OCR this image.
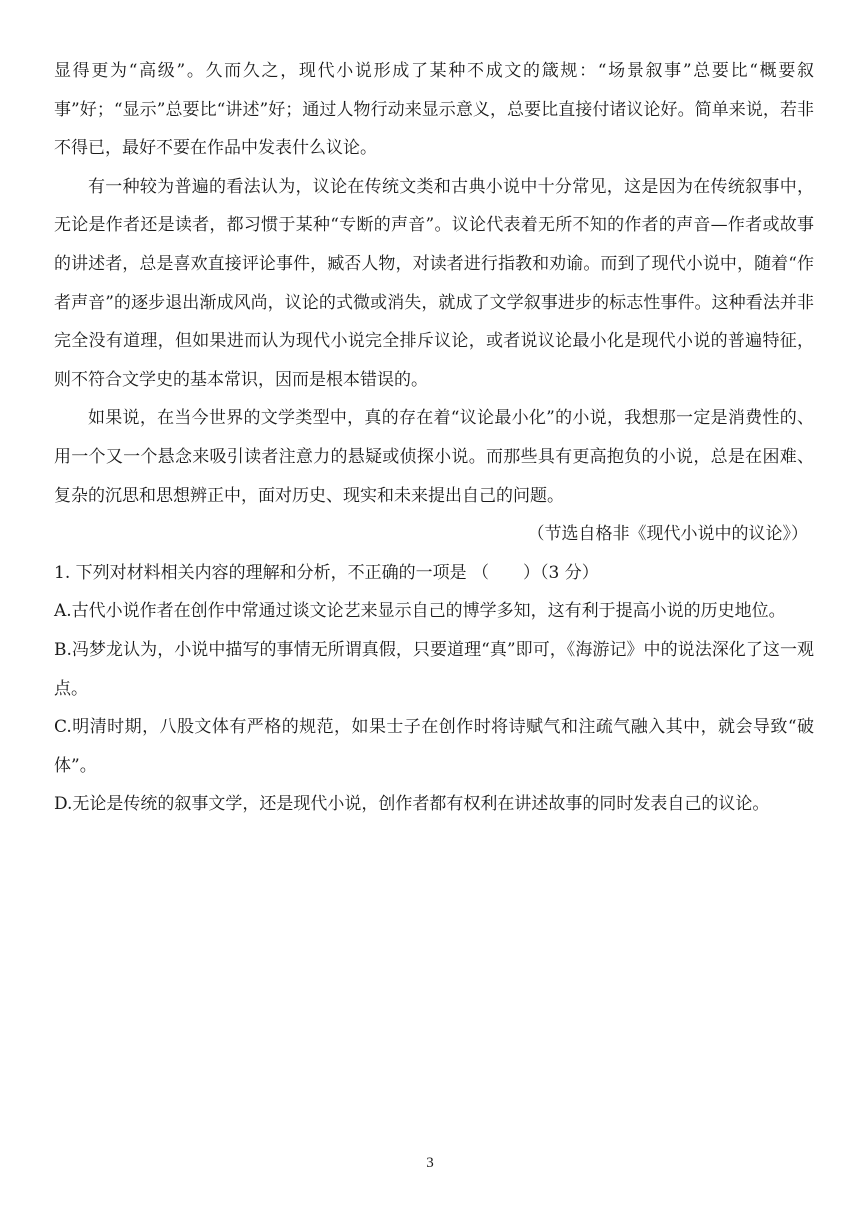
显得更为“高级”。久而久之，现代小说形成了某种不成文的箴规：“场景叙事”总要比“概要叙事”好；“显示”总要比“讲述”好；通过人物行动来显示意义，总要比直接付诸议论好。简单来说，若非不得已，最好不要在作品中发表什么议论。

有一种较为普遍的看法认为，议论在传统文类和古典小说中十分常见，这是因为在传统叙事中，无论是作者还是读者，都习惯于某种“专断的声音”。议论代表着无所不知的作者的声音—作者或故事的讲述者，总是喜欢直接评论事件，臧否人物，对读者进行指教和劝谕。而到了现代小说中，随着“作者声音”的逐步退出渐成风尚，议论的式微或消失，就成了文学叙事进步的标志性事件。这种看法并非完全没有道理，但如果进而认为现代小说完全排斥议论，或者说议论最小化是现代小说的普遍特征，则不符合文学史的基本常识，因而是根本错误的。

如果说，在当今世界的文学类型中，真的存在着“议论最小化”的小说，我想那一定是消费性的、用一个又一个悬念来吸引读者注意力的悬疑或侦探小说。而那些具有更高抱负的小说，总是在困难、复杂的沉思和思想辨正中，面对历史、现实和未来提出自己的问题。

（节选自格非《现代小说中的议论》）

1. 下列对材料相关内容的理解和分析，不正确的一项是 （　　）（3 分）

A.古代小说作者在创作中常通过谈文论艺来显示自己的博学多知，这有利于提高小说的历史地位。

B.冯梦龙认为，小说中描写的事情无所谓真假，只要道理“真”即可，《海游记》中的说法深化了这一观点。

C.明清时期，八股文体有严格的规范，如果士子在创作时将诗赋气和注疏气融入其中，就会导致“破体”。

D.无论是传统的叙事文学，还是现代小说，创作者都有权利在讲述故事的同时发表自己的议论。

3
